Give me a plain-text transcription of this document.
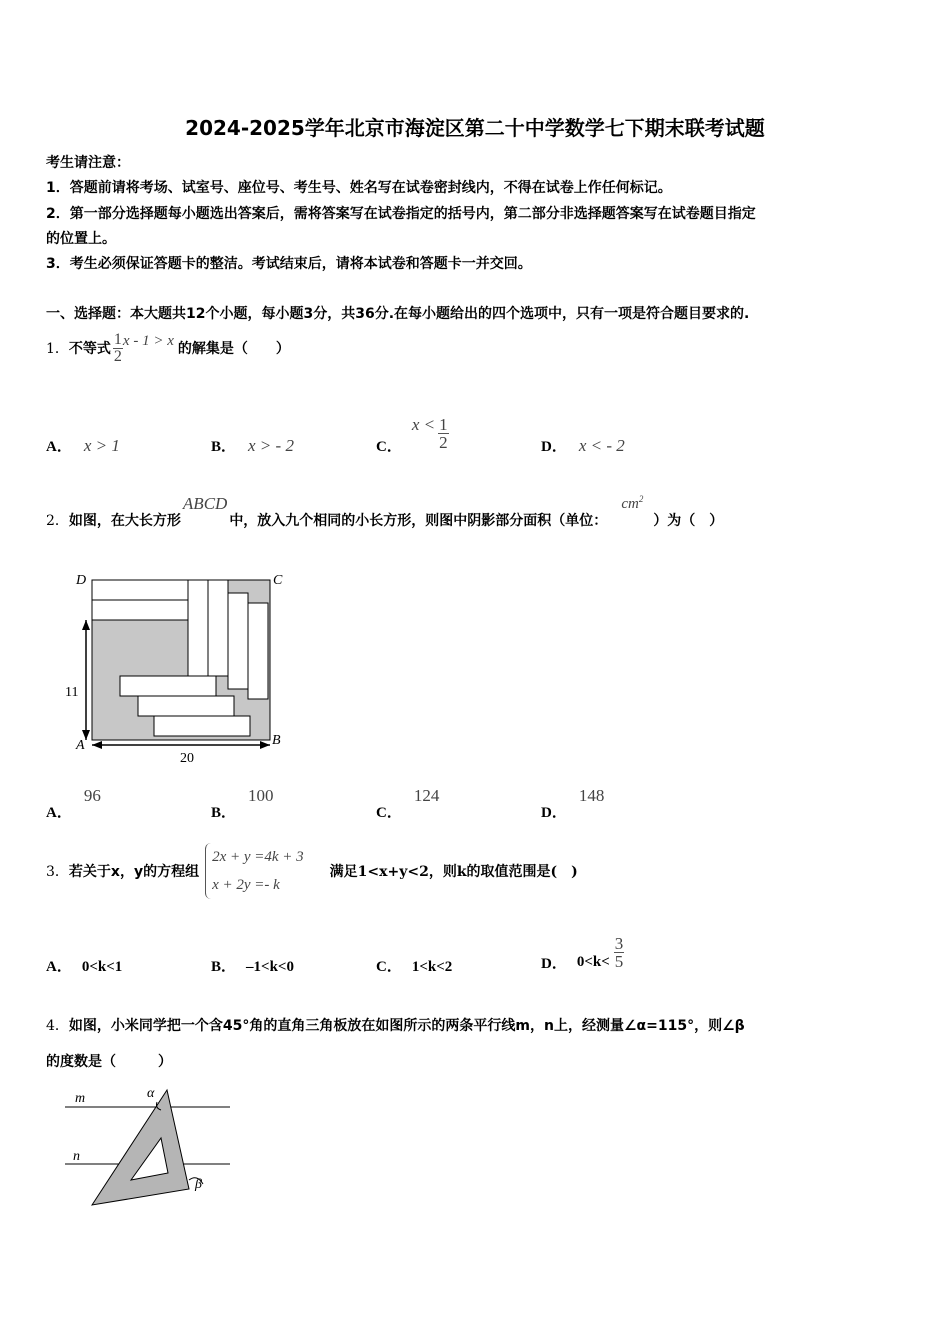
2024-2025学年北京市海淀区第二十中学数学七下期末联考试题
考生请注意：
1．答题前请将考场、试室号、座位号、考生号、姓名写在试卷密封线内，不得在试卷上作任何标记。
2．第一部分选择题每小题选出答案后，需将答案写在试卷指定的括号内，第二部分非选择题答案写在试卷题目指定
的位置上。
3．考生必须保证答题卡的整洁。考试结束后，请将本试卷和答题卡一并交回。
一、选择题：本大题共12个小题，每小题3分，共36分.在每小题给出的四个选项中，只有一项是符合题目要求的.
1． 不等式 $\frac{1}{2}$ x - 1 > x
的解集是（　　）
A． x > 1	B． x > - 2	C．
$x < \frac{1}{2}$	D． x < - 2
2． 如图，在大长方形
ABCD
中，放入九个相同的小长方形，则图中阴影部分面积（单位：
$cm^2$
）为（　）
D	C
A	B
11
20
A．
96
B．
100
C．
124
D．
148
3． 若关于x，y的方程组
2x + y =4k + 3
x + 2y =- k
满足1<x+y<2，则k的取值范围是(　)
A． 0<k<1	B． –1<k<0	C． 1<k<2	D． $0<k< \frac{3}{5}$
4．如图，小米同学把一个含45°角的直角三角板放在如图所示的两条平行线m，n上，经测量∠α=115°，则∠β
的度数是（　　　）
m
n
α
β
